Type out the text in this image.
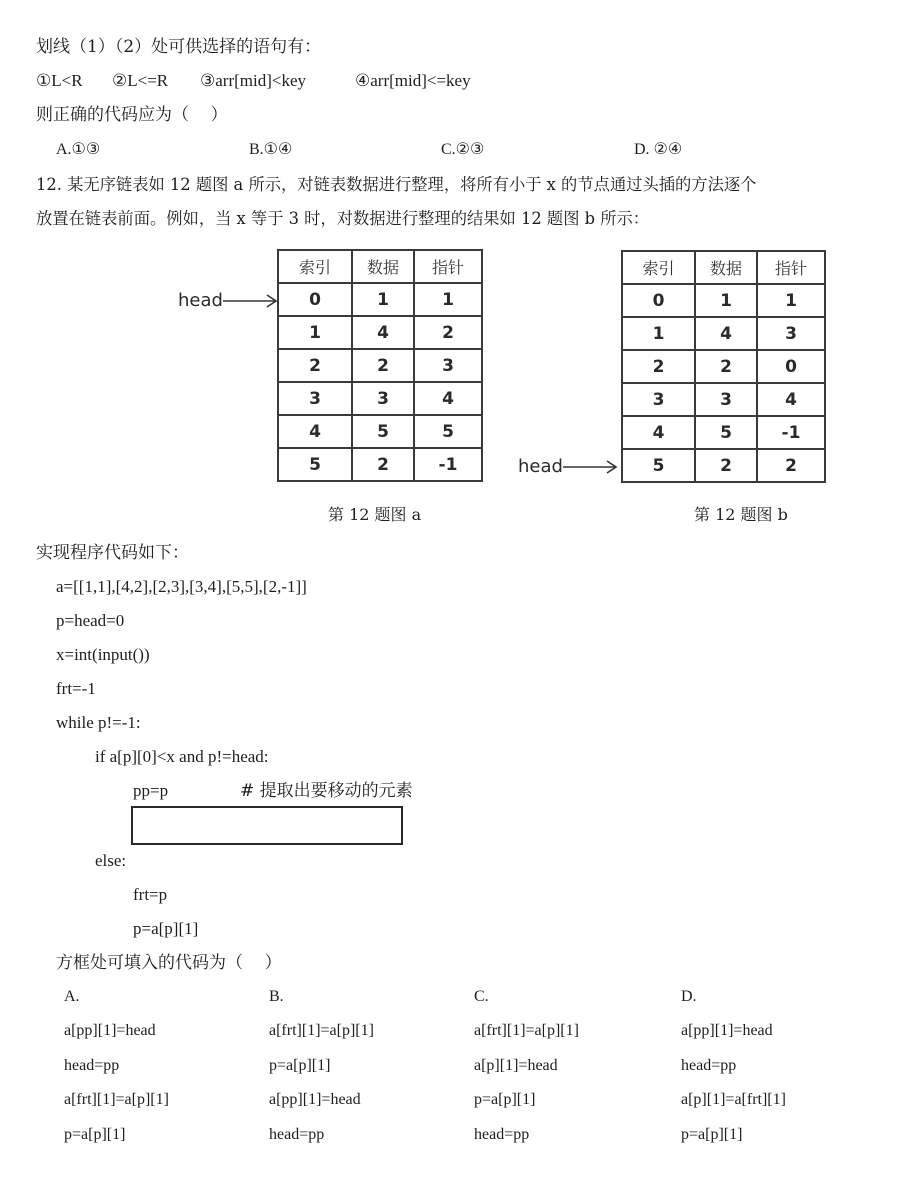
划线（1）（2）处可供选择的语句有：
①L<R ②L<=R ③arr[mid]<key	④arr[mid]<=key
则正确的代码应为（    ）
A.①③	B.①④	C.②③	D. ②④
12. 某无序链表如 12 题图 a 所示，对链表数据进行整理，将所有小于 x 的节点通过头插的方法逐个
放置在链表前面。例如，当 x 等于 3 时，对数据进行整理的结果如 12 题图 b 所示：
head
索引	数据	指针
0	1	1
1	4	2
2	2	3
3	3	4
4	5	5
5	2	-1
第 12 题图 a
head
索引	数据	指针
0	1	1
1	4	3
2	2	0
3	3	4
4	5	-1
5	2	2
第 12 题图 b
实现程序代码如下：
a=[[1,1],[4,2],[2,3],[3,4],[5,5],[2,-1]]
p=head=0
x=int(input())
frt=-1
while p!=-1:
if a[p][0]<x and p!=head:
pp=p	# 提取出要移动的元素
else:
frt=p
p=a[p][1]
方框处可填入的代码为（    ）
A.
a[pp][1]=head
head=pp
a[frt][1]=a[p][1]
p=a[p][1]
B.
a[frt][1]=a[p][1]
p=a[p][1]
a[pp][1]=head
head=pp
C.
a[frt][1]=a[p][1]
a[p][1]=head
p=a[p][1]
head=pp
D.
a[pp][1]=head
head=pp
a[p][1]=a[frt][1]
p=a[p][1]
